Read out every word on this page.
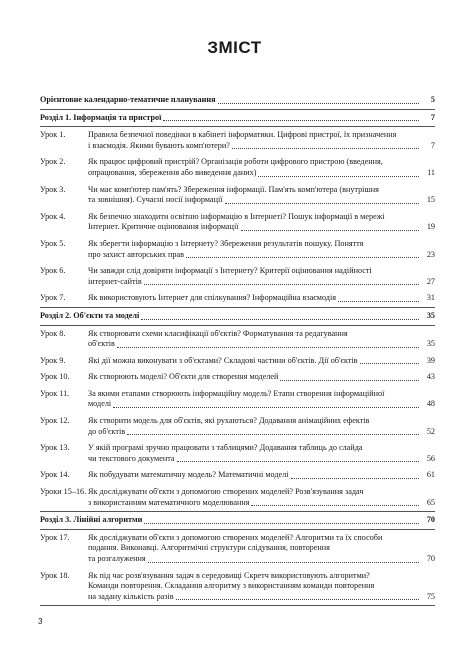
ЗМІСТ
Орієнтовне календарно-тематичне планування	5
Розділ 1. Інформація та пристрої	7
Урок 1.	Правила безпечної поведінки в кабінеті інформатики. Цифрові пристрої, їх призначення
і взаємодія. Якими бувають комп'ютери?	7
Урок 2.	Як працює цифровий пристрій? Організація роботи цифрового пристрою (введення,
опрацювання, збереження або виведення даних)	11
Урок 3.	Чи має комп'ютер пам'ять? Збереження інформації. Пам'ять комп'ютера (внутрішня
та зовнішня). Сучасні носії інформації	15
Урок 4.	Як безпечно знаходити освітню інформацію в Інтернеті? Пошук інформації в мережі
Інтернет. Критичне оцінювання інформації	19
Урок 5.	Як зберегти інформацію з Інтернету? Збереження результатів пошуку. Поняття
про захист авторських прав	23
Урок 6.	Чи завжди слід довіряти інформації з Інтернету? Критерії оцінювання надійності
інтернет-сайтів	27
Урок 7.	Як використовують Інтернет для спілкування? Інформаційна взаємодія	31
Розділ 2. Об'єкти та моделі	35
Урок 8.	Як створювати схеми класифікації об'єктів? Форматування та редагування
об'єктів	35
Урок 9.	Які дії можна виконувати з об'єктами? Складові частини об'єктів. Дії об'єктів	39
Урок 10.	Як створюють моделі? Об'єкти для створення моделей	43
Урок 11.	За якими етапами створюють інформаційну модель? Етапи створення інформаційної
моделі	48
Урок 12.	Як створити модель для об'єктів, які рухаються? Додавання анімаційних ефектів
до об'єктів	52
Урок 13.	У якій програмі зручно працювати з таблицями? Додавання таблиць до слайда
чи текстового документа	56
Урок 14.	Як побудувати математичну модель? Математичні моделі	61
Уроки 15–16. Як досліджувати об'єкти з допомогою створених моделей? Розв'язування задач
з використанням математичного моделювання	65
Розділ 3. Лінійні алгоритми	70
Урок 17.	Як досліджувати об'єкти з допомогою створених моделей? Алгоритми та їх способи
подання. Виконавці. Алгоритмічні структури слідування, повторення
та розгалуження	70
Урок 18.	Як під час розв'язування задач в середовищі Скретч використовують алгоритми?
Команди повторення. Складання алгоритму з використанням команди повторення
на задану кількість разів	75
3
